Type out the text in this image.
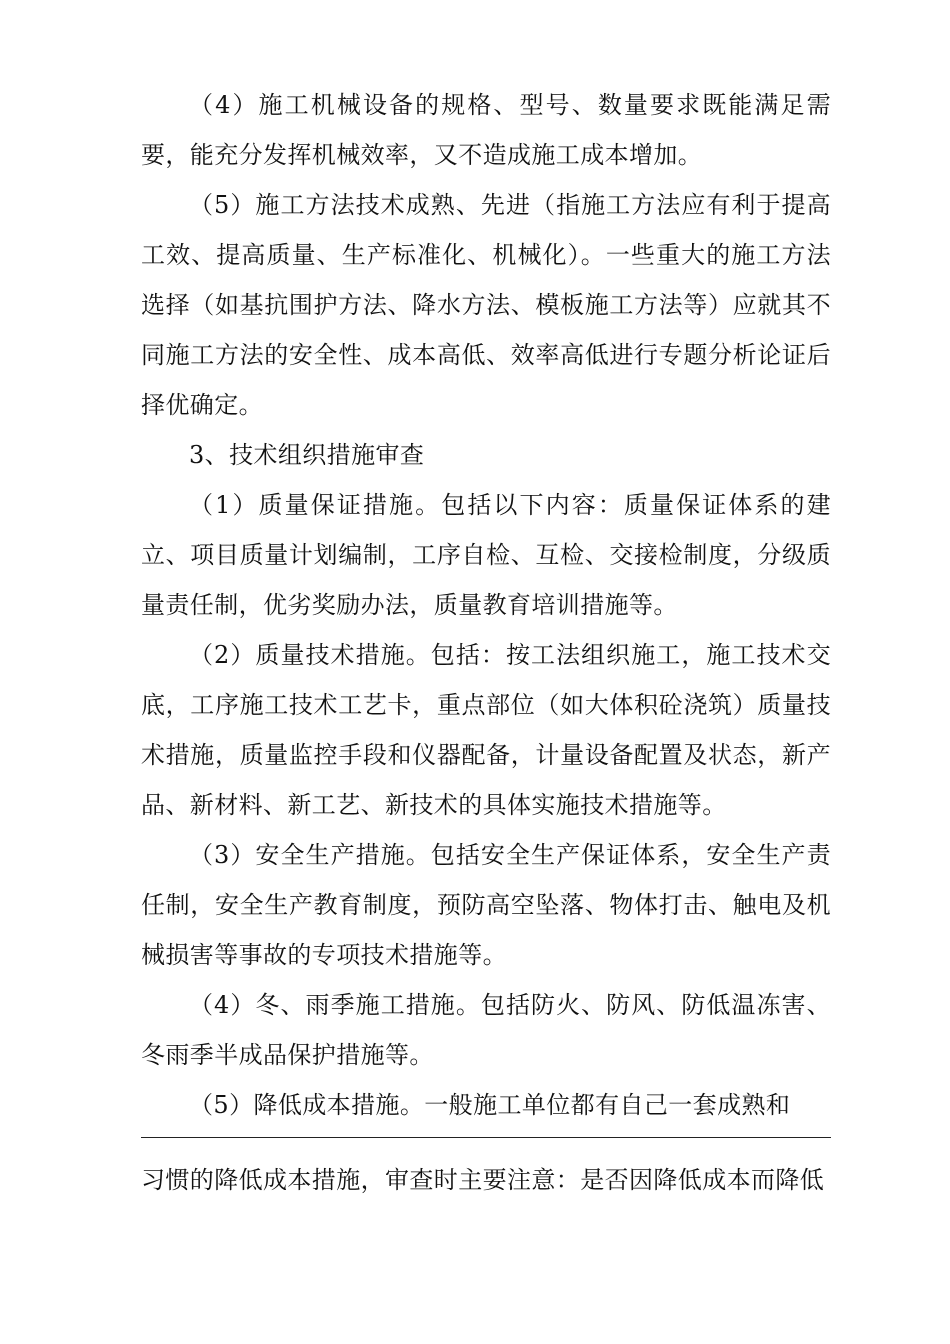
（4）施工机械设备的规格、型号、数量要求既能满足需要，能充分发挥机械效率，又不造成施工成本增加。

（5）施工方法技术成熟、先进（指施工方法应有利于提高工效、提高质量、生产标准化、机械化）。一些重大的施工方法选择（如基抗围护方法、降水方法、模板施工方法等）应就其不同施工方法的安全性、成本高低、效率高低进行专题分析论证后择优确定。

3、技术组织措施审查

（1）质量保证措施。包括以下内容：质量保证体系的建立、项目质量计划编制，工序自检、互检、交接检制度，分级质量责任制，优劣奖励办法，质量教育培训措施等。

（2）质量技术措施。包括：按工法组织施工，施工技术交底，工序施工技术工艺卡，重点部位（如大体积砼浇筑）质量技术措施，质量监控手段和仪器配备，计量设备配置及状态，新产品、新材料、新工艺、新技术的具体实施技术措施等。

（3）安全生产措施。包括安全生产保证体系，安全生产责任制，安全生产教育制度，预防高空坠落、物体打击、触电及机械损害等事故的专项技术措施等。

（4）冬、雨季施工措施。包括防火、防风、防低温冻害、冬雨季半成品保护措施等。

（5）降低成本措施。一般施工单位都有自己一套成熟和

习惯的降低成本措施，审查时主要注意：是否因降低成本而降低
